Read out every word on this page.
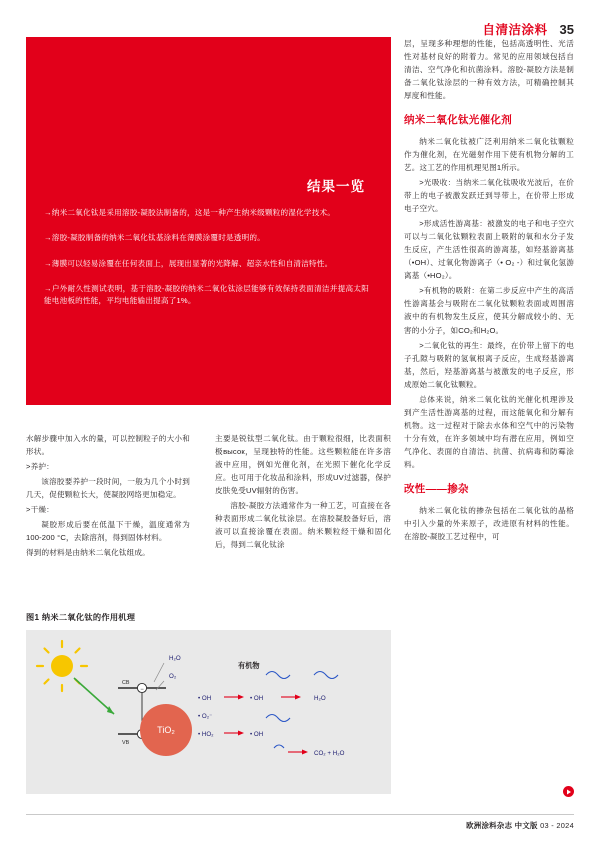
自清洁涂料 35
结果一览
→纳米二氧化钛是采用溶胶-凝胶法制备的，这是一种产生纳米级颗粒的湿化学技术。
→溶胶-凝胶制备的纳米二氧化钛基涂料在薄膜涂覆时是透明的。
→薄膜可以轻易涂覆在任何表面上，展现出显著的光降解、超亲水性和自清洁特性。
→户外耐久性测试表明，基于溶胶-凝胶的纳米二氧化钛涂层能够有效保持表面清洁并提高太阳能电池板的性能，平均电能输出提高了1%。

水解步骤中加入水的量，可以控制粒子的大小和形状。

>养护：

该溶胶要养护一段时间，一般为几个小时到几天，促使颗粒长大，使凝胶网络更加稳定。

>干燥：

凝胶形成后要在低温下干燥，温度通常为100-200 °C，去除溶剂，得到固体材料。

得到的材料是由纳米二氧化钛组成。

主要是锐钛型二氧化钛。由于颗粒很细，比表面积极высок，呈现独特的性能。这些颗粒能在许多溶液中应用，例如光催化剂，在光照下催化化学反应。也可用于化妆品和涂料，形成UV过滤器，保护皮肤免受UV辐射的伤害。

溶胶-凝胶方法通常作为一种工艺，可直接在各种表面形成二氧化钛涂层。在溶胶凝胶备好后，溶液可以直接涂覆在表面。纳米颗粒经干燥和固化后，得到二氧化钛涂

层，呈现多种理想的性能，包括高透明性、光活性对基材良好的附着力。常见的应用领域包括自清洁、空气净化和抗菌涂料。溶胶-凝胶方法是制备二氧化钛涂层的一种有效方法，可精确控制其厚度和性能。

纳米二氧化钛光催化剂

纳米二氧化钛被广泛利用纳米二氧化钛颗粒作为催化剂，在光磁射作用下使有机物分解的工艺。这工艺的作用机理见图1所示。

>光吸收：当纳米二氧化钛吸收光波后，在价带上的电子被激发跃迁到导带上，在价带上形成电子空穴。

>形成活性游离基：被激发的电子和电子空穴可以与二氧化钛颗粒表面上吸附的氧和水分子发生反应，产生活性很高的游离基，如羟基游离基（•OH）、过氧化物游离子（• O₂ -）和过氧化氢游离基（•HO₂）。

>有机物的吸附：在第二步反应中产生的高活性游离基会与吸附在二氧化钛颗粒表面或周围溶液中的有机物发生反应，使其分解成较小的、无害的小分子，如CO₂和H₂O。

>二氧化钛的再生：最终，在价带上留下的电子孔隙与吸附的氢氧根离子反应，生成羟基游离基，然后，羟基游离基与被激发的电子反应，形成原始二氧化钛颗粒。

总体来说，纳米二氧化钛的光催化机理涉及到产生活性游离基的过程，而这能氧化和分解有机物。这一过程对于除去水体和空气中的污染物十分有效，在许多领域中均有潜在应用，例如空气净化、表面的自清洁、抗菌、抗病毒和防霉涂料。

改性——掺杂

纳米二氧化钛的掺杂包括在二氧化钛的晶格中引入少量的外来原子，改进原有材料的性能。在溶胶-凝胶工艺过程中，可

图1 纳米二氧化钛的作用机理
−
CB
VB
TiO₂
H₂O
O₂
有机物
• OH
• O₂⁻
• HO₂
• OH	H₂O
• OH
CO₂ + H₂O
欧洲涂料杂志 中文版 03 - 2024
